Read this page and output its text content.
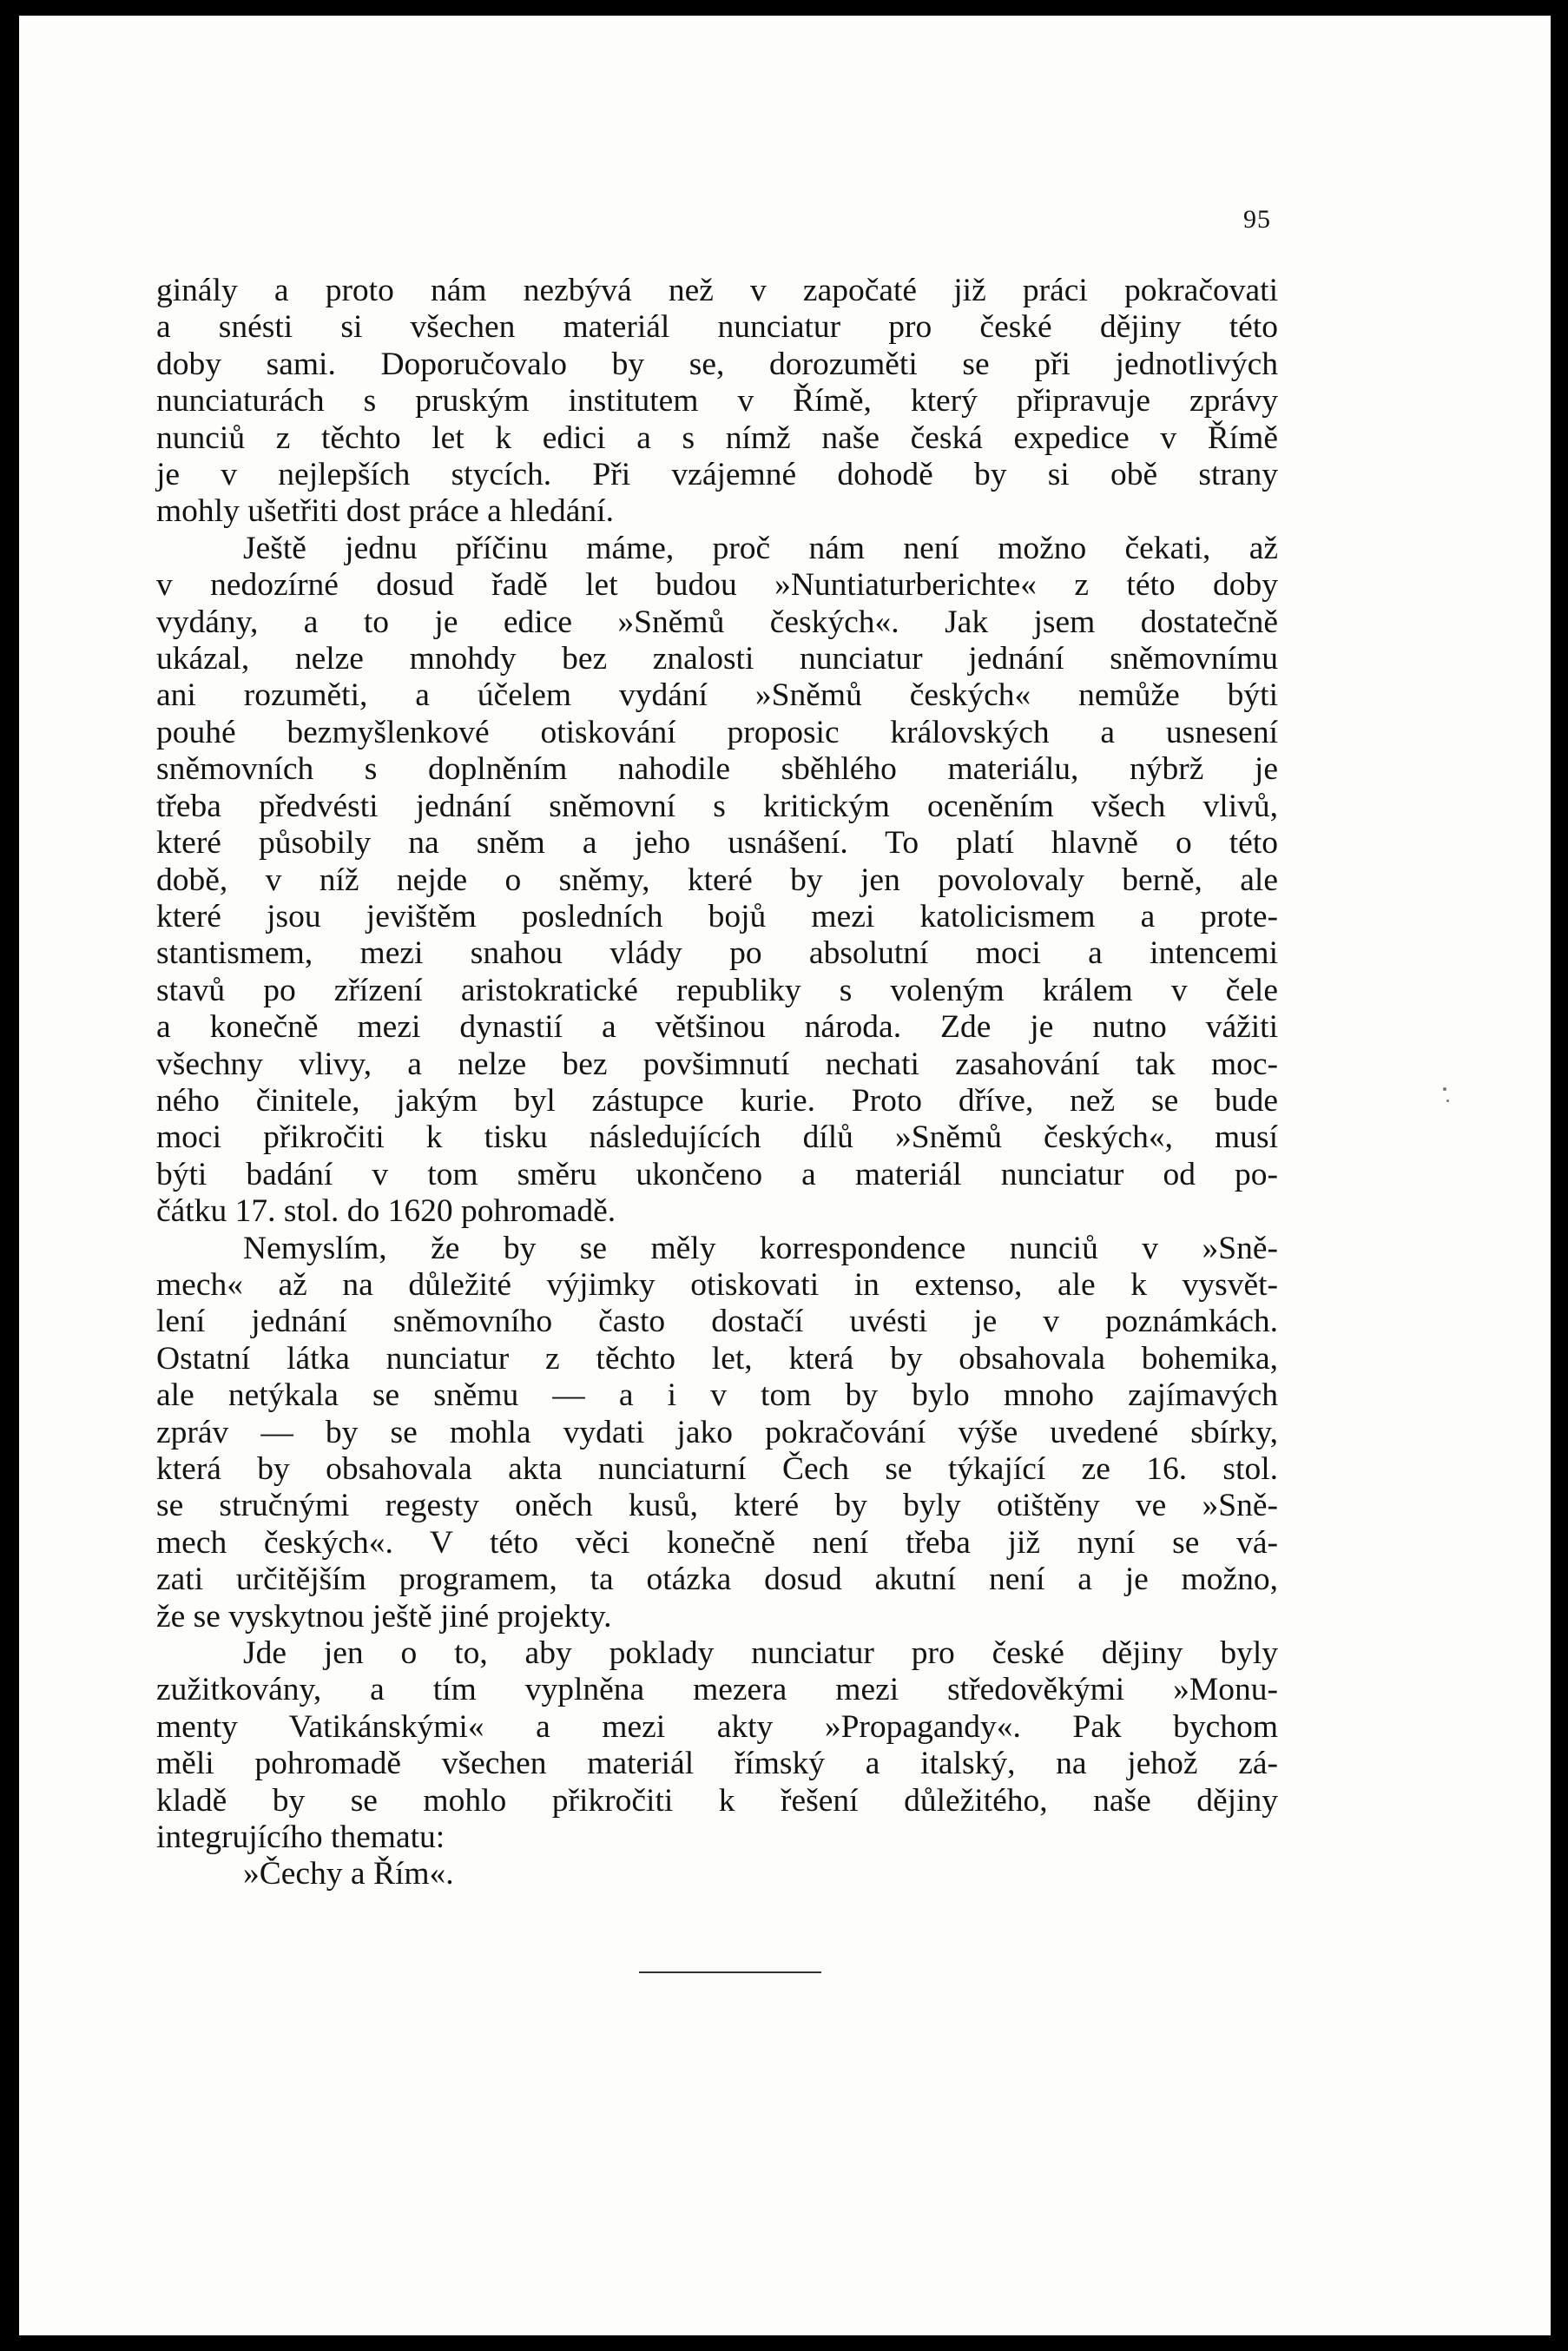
95
ginály a proto nám nezbývá než v započaté již práci pokračovati
a snésti si všechen materiál nunciatur pro české dějiny této
doby sami. Doporučovalo by se, dorozuměti se při jednotlivých
nunciaturách s pruským institutem v Římě, který připravuje zprávy
nunciů z těchto let k edici a s nímž naše česká expedice v Římě
je v nejlepších stycích. Při vzájemné dohodě by si obě strany
mohly ušetřiti dost práce a hledání.
Ještě jednu příčinu máme, proč nám není možno čekati, až
v nedozírné dosud řadě let budou »Nuntiaturberichte« z této doby
vydány, a to je edice »Sněmů českých«. Jak jsem dostatečně
ukázal, nelze mnohdy bez znalosti nunciatur jednání sněmovnímu
ani rozuměti, a účelem vydání »Sněmů českých« nemůže býti
pouhé bezmyšlenkové otiskování proposic královských a usnesení
sněmovních s doplněním nahodile sběhlého materiálu, nýbrž je
třeba předvésti jednání sněmovní s kritickým oceněním všech vlivů,
které působily na sněm a jeho usnášení. To platí hlavně o této
době, v níž nejde o sněmy, které by jen povolovaly berně, ale
které jsou jevištěm posledních bojů mezi katolicismem a prote-
stantismem, mezi snahou vlády po absolutní moci a intencemi
stavů po zřízení aristokratické republiky s voleným králem v čele
a konečně mezi dynastií a většinou národa. Zde je nutno vážiti
všechny vlivy, a nelze bez povšimnutí nechati zasahování tak moc-
ného činitele, jakým byl zástupce kurie. Proto dříve, než se bude
moci přikročiti k tisku následujících dílů »Sněmů českých«, musí
býti badání v tom směru ukončeno a materiál nunciatur od po-
čátku 17. stol. do 1620 pohromadě.
Nemyslím, že by se měly korrespondence nunciů v »Sně-
mech« až na důležité výjimky otiskovati in extenso, ale k vysvět-
lení jednání sněmovního často dostačí uvésti je v poznámkách.
Ostatní látka nunciatur z těchto let, která by obsahovala bohemika,
ale netýkala se sněmu — a i v tom by bylo mnoho zajímavých
zpráv — by se mohla vydati jako pokračování výše uvedené sbírky,
která by obsahovala akta nunciaturní Čech se týkající ze 16. stol.
se stručnými regesty oněch kusů, které by byly otištěny ve »Sně-
mech českých«. V této věci konečně není třeba již nyní se vá-
zati určitějším programem, ta otázka dosud akutní není a je možno,
že se vyskytnou ještě jiné projekty.
Jde jen o to, aby poklady nunciatur pro české dějiny byly
zužitkovány, a tím vyplněna mezera mezi středověkými »Monu-
menty Vatikánskými« a mezi akty »Propagandy«. Pak bychom
měli pohromadě všechen materiál římský a italský, na jehož zá-
kladě by se mohlo přikročiti k řešení důležitého, naše dějiny
integrujícího thematu:
»Čechy a Řím«.
